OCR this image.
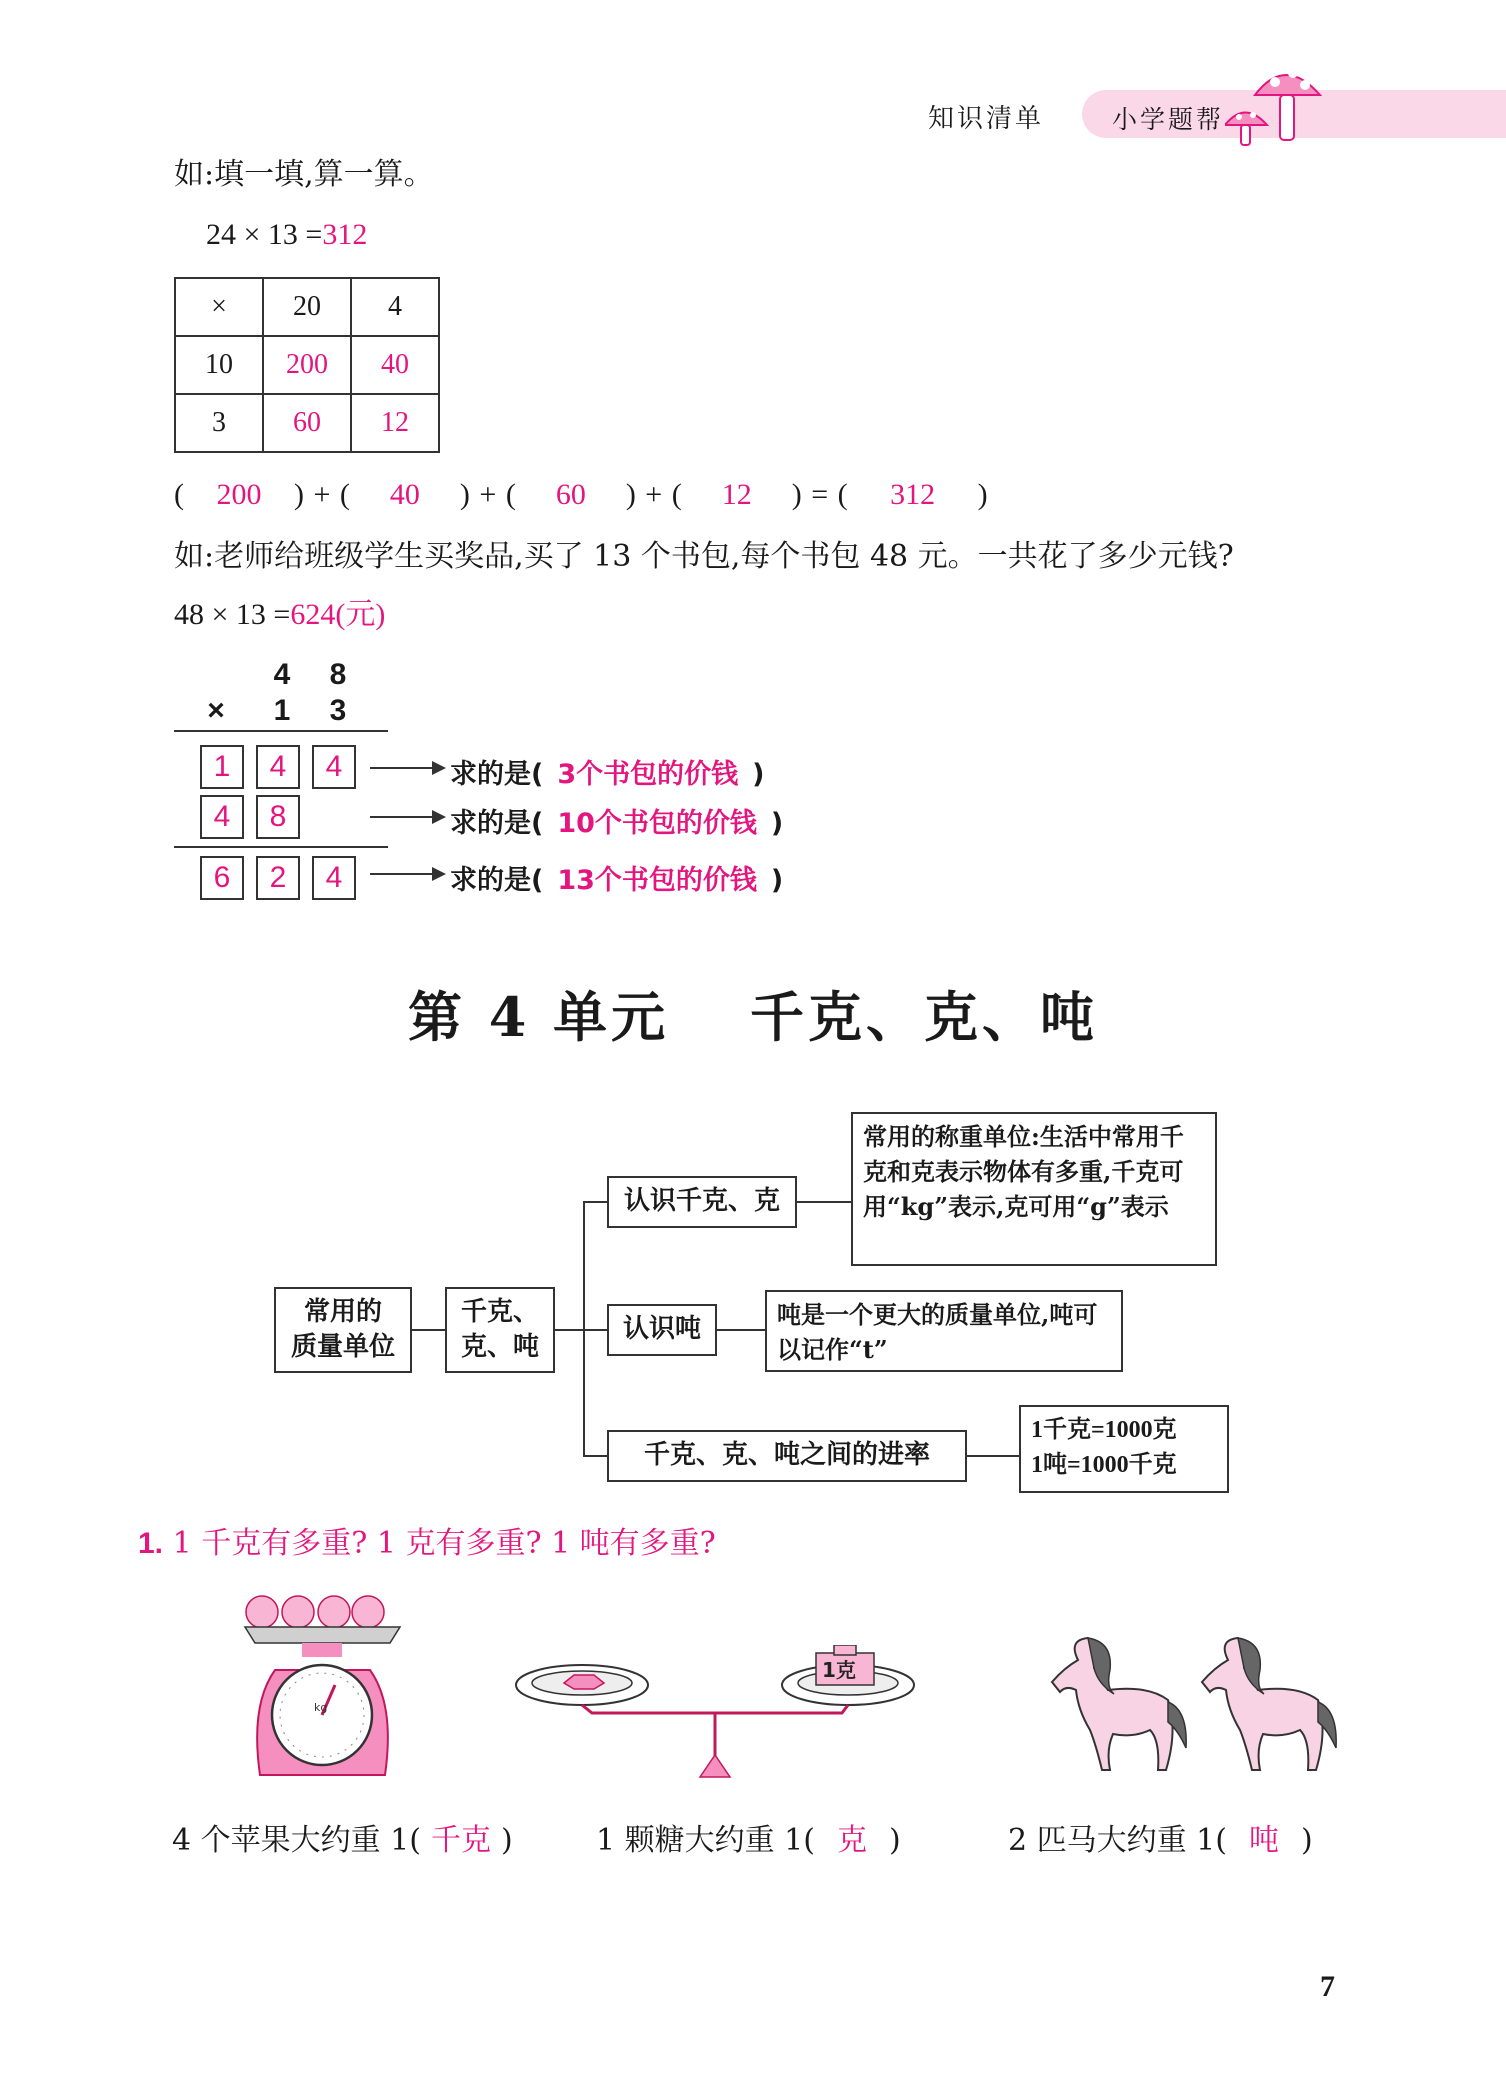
知识清单	小学题帮
如:填一填,算一算。
24 × 13 =312
×	20	4
10	200	40
3	60	12
( 200 ) + ( 40 ) + ( 60 ) + ( 12 ) = ( 312 )
如:老师给班级学生买奖品,买了 13 个书包,每个书包 48 元。一共花了多少元钱?
48 × 13 =624(元)
4	8
×	1	3
1	4	4
4	8
6	2	4
求的是( 3个书包的价钱 )
求的是( 10个书包的价钱 )
求的是( 13个书包的价钱 )
第 4 单元　 千克、克、吨
常用的
质量单位
千克、
克、吨
认识千克、克
常用的称重单位:生活中常用千克和克表示物体有多重,千克可用“kg”表示,克可用“g”表示
认识吨	吨是一个更大的质量单位,吨可以记作“t”
千克、克、吨之间的进率
1千克=1000克
1吨=1000千克
1. 1 千克有多重? 1 克有多重? 1 吨有多重?
kg
1克
4 个苹果大约重 1( 千克 )	1 颗糖大约重 1( 克 )	2 匹马大约重 1( 吨 )
7
